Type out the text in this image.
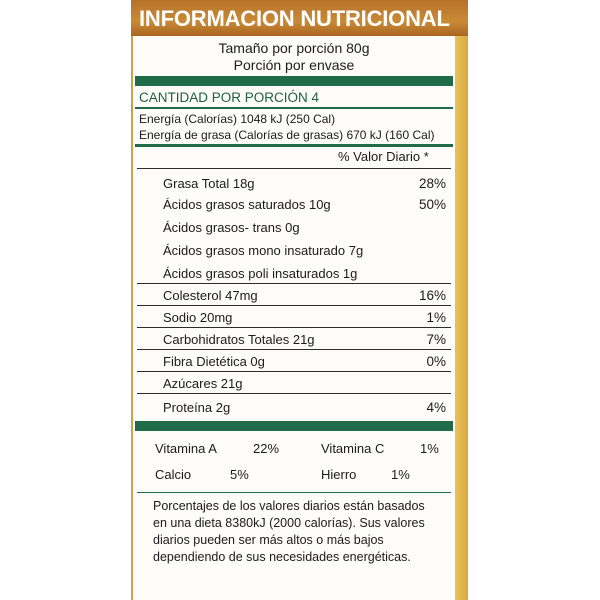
INFORMACION NUTRICIONAL
Tamaño por porción 80g
Porción por envase
CANTIDAD POR PORCIÓN 4
Energía (Calorías) 1048 kJ (250 Cal)
Energía de grasa (Calorías de grasas) 670 kJ (160 Cal)
% Valor Diario *
Grasa Total 18g	28%
Ácidos grasos saturados 10g	50%
Ácidos grasos- trans 0g
Ácidos grasos mono insaturado 7g
Ácidos grasos poli insaturados 1g
Colesterol 47mg	16%
Sodio 20mg	1%
Carbohidratos Totales 21g	7%
Fibra Dietética 0g	0%
Azúcares 21g
Proteína 2g	4%
Vitamina A	22%	Vitamina C	1%
Calcio	5%	Hierro	1%
Porcentajes de los valores diarios están basados
en una dieta 8380kJ (2000 calorías). Sus valores
diarios pueden ser más altos o más bajos
dependiendo de sus necesidades energéticas.
